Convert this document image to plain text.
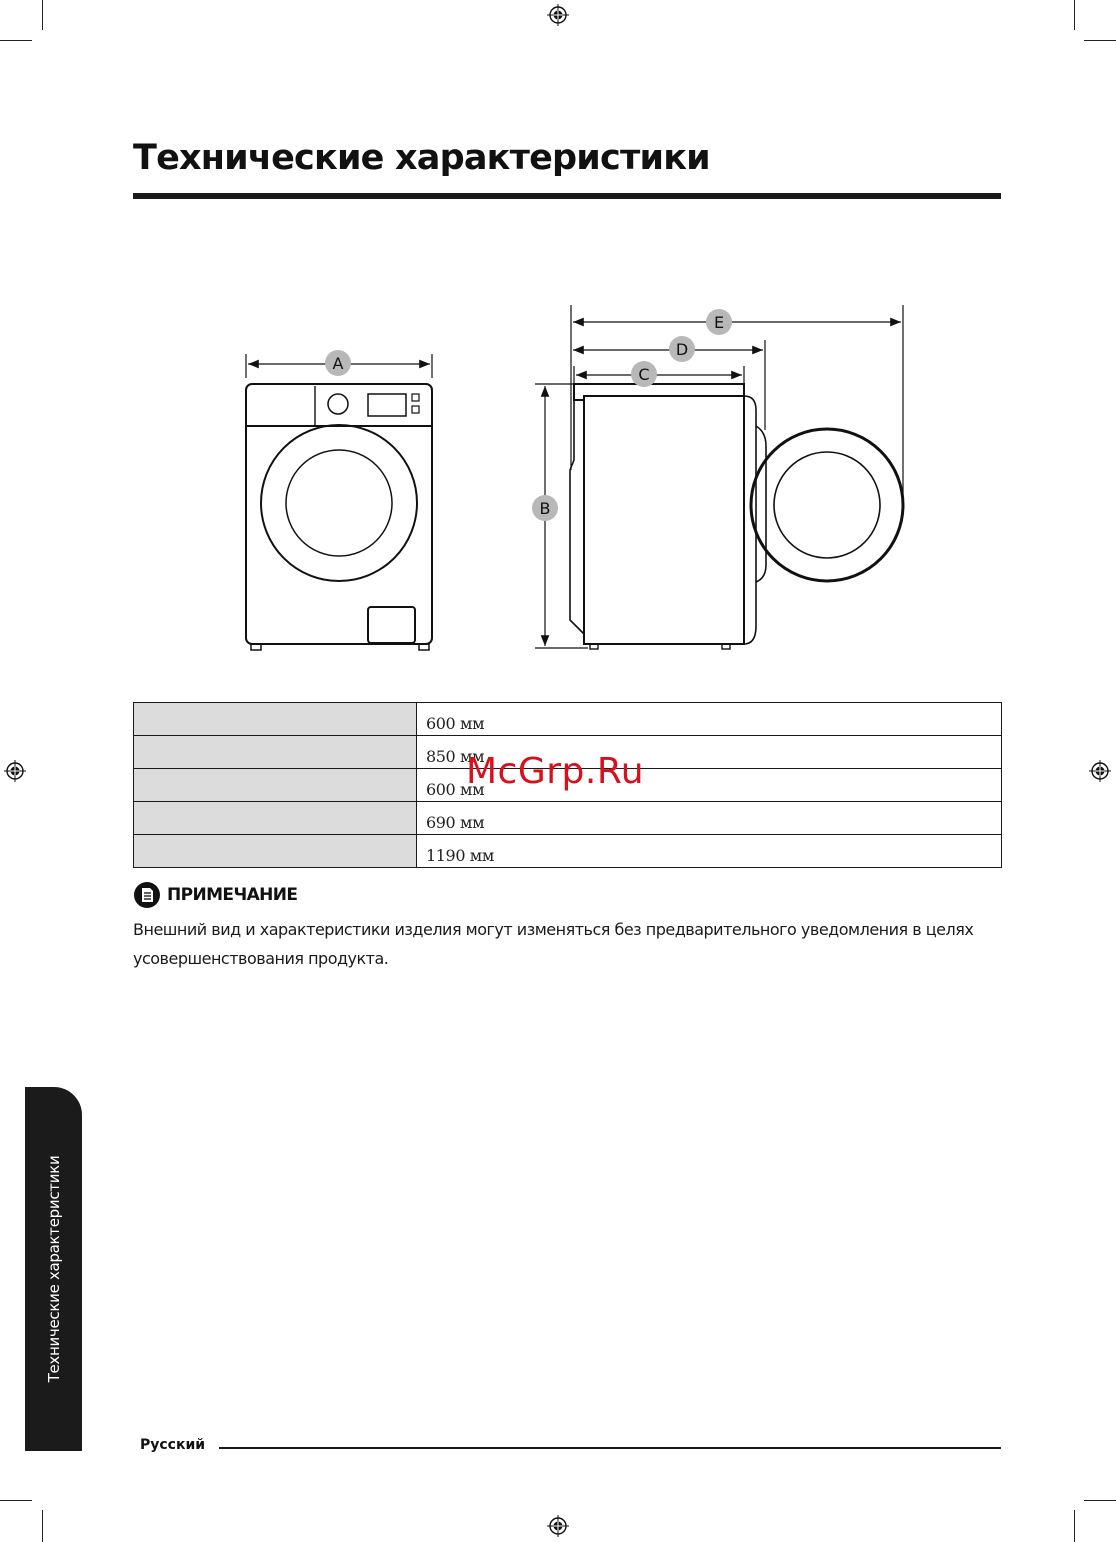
Технические характеристики
A
B
C
D
E
	600 мм
	850 мм
	600 мм
	690 мм
	1190 мм
McGrp.Ru
ПРИМЕЧАНИЕ

Внешний вид и характеристики изделия могут изменяться без предварительного уведомления в целях усовершенствования продукта.

Технические характеристики
Русский
